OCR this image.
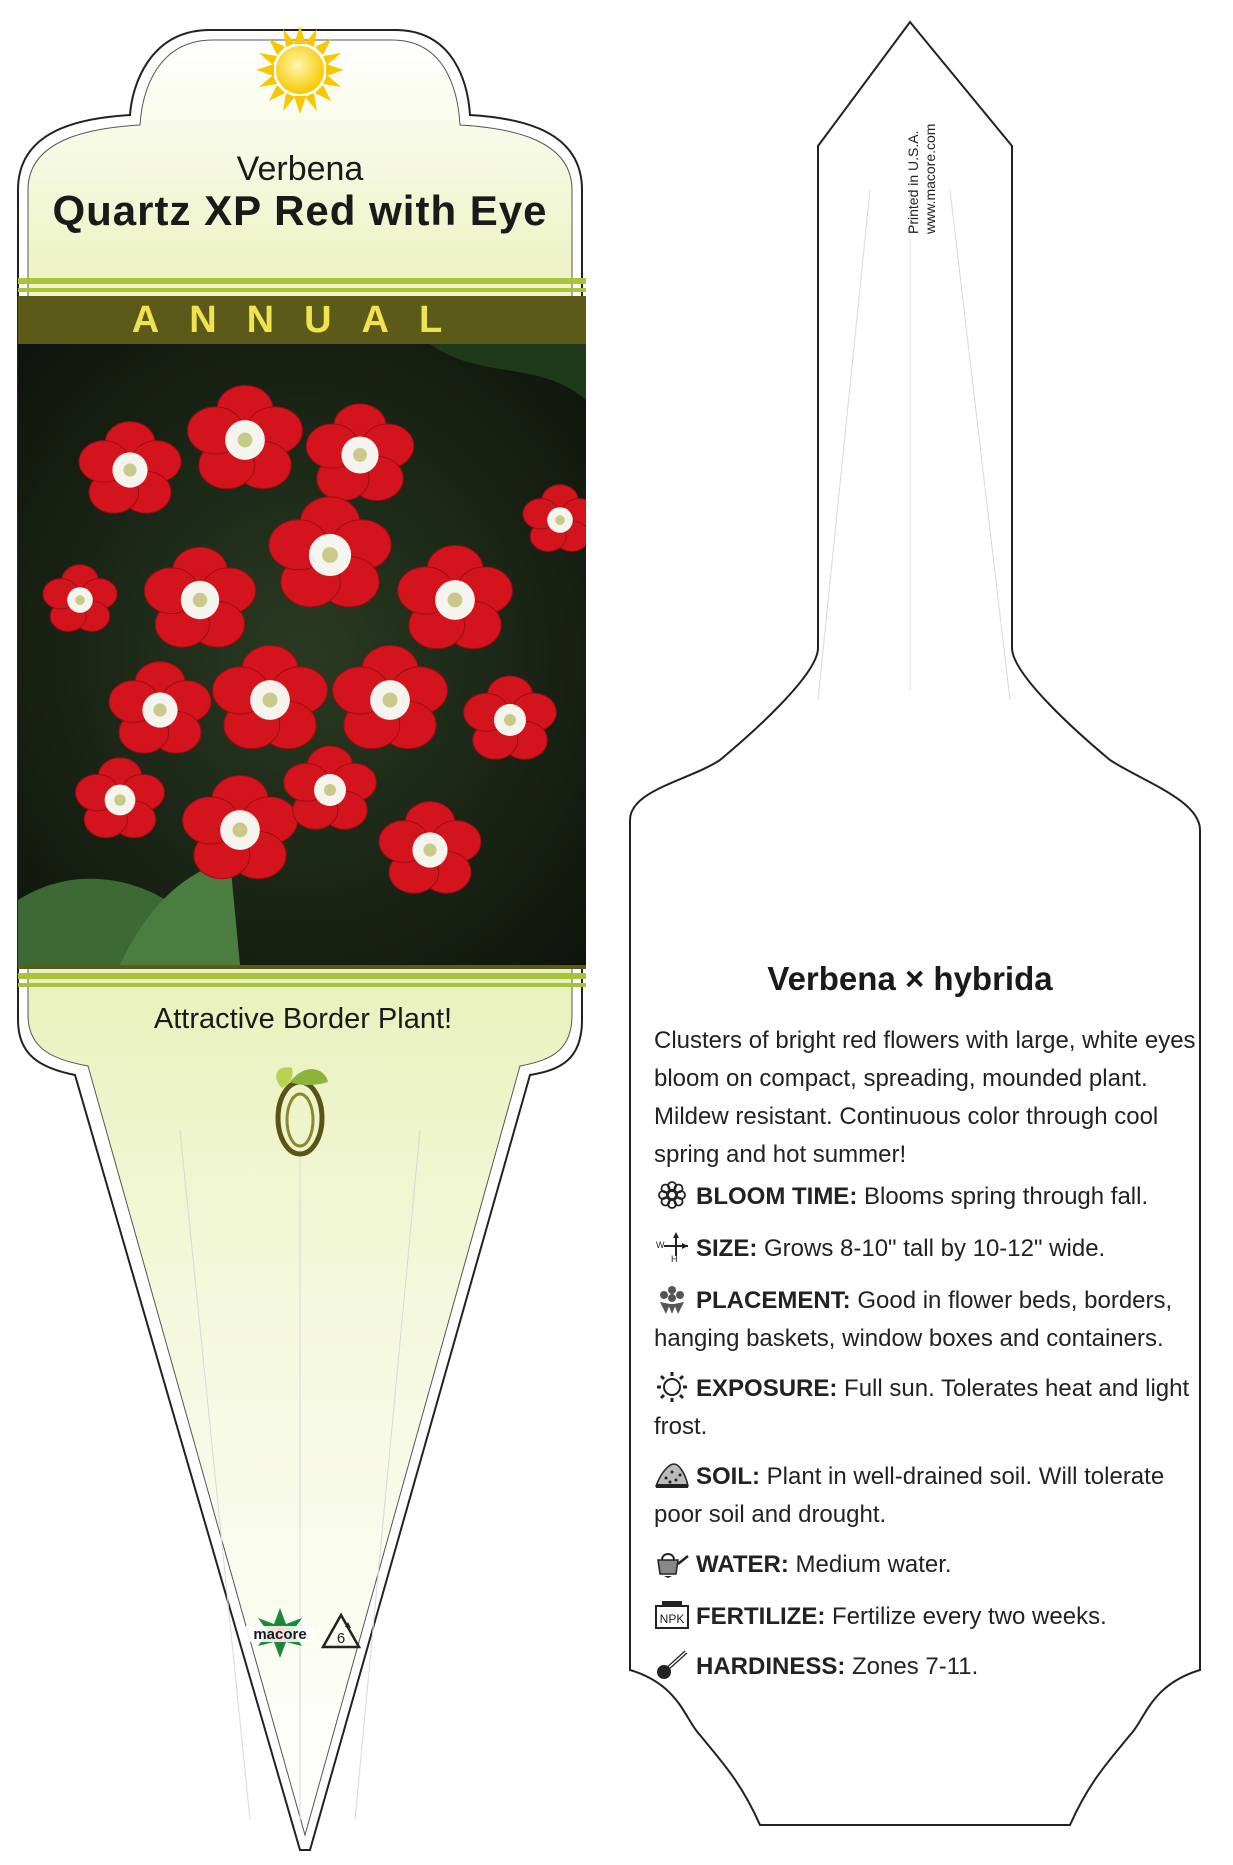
Verbena
Quartz XP Red with Eye
ANNUAL
Attractive Border Plant!
macore 6
Printed in U.S.A. www.macore.com
Verbena × hybrida
Clusters of bright red flowers with large, white eyes bloom on compact, spreading, mounded plant. Mildew resistant. Continuous color through cool spring and hot summer!
BLOOM TIME: Blooms spring through fall.
W
H SIZE: Grows 8-10" tall by 10-12" wide.
PLACEMENT: Good in flower beds, borders, hanging baskets, window boxes and containers.
EXPOSURE: Full sun. Tolerates heat and light frost.
SOIL: Plant in well-drained soil. Will tolerate poor soil and drought.
WATER: Medium water.
NPK FERTILIZE: Fertilize every two weeks.
HARDINESS: Zones 7-11.
